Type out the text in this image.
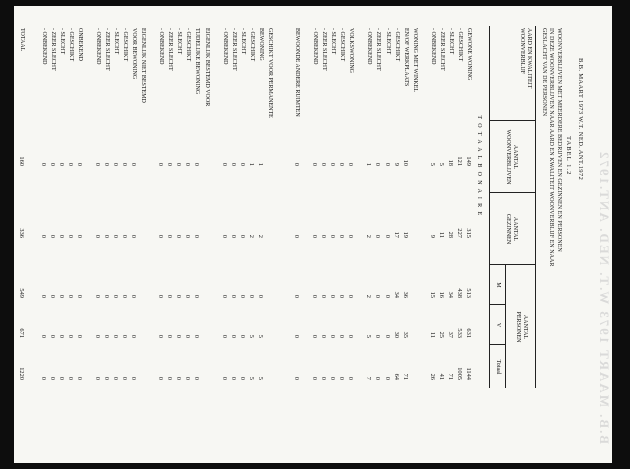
B.B. MAART 1973 W.T. NED. ANT.1972
B.B. MAART 1973 W.T. NED. ANT.1972
TABEL 1.2
WOONVERBLIJVEN MET MEERDERE BEDRIJVEN EN GEZINNEN EN PERSONEN
IN DEZE WOONVERBLIJVEN NAAR AARD EN KWALITEIT WOONVERBLIJF EN NAAR
GESLACHT VAN DE PERSONEN
AARD EN KWALITEIT
WOONVERBLIJF
AANTAL
WOONVERBLIJVEN
AANTAL
GEZINNEN
AANTAL
PERSONEN
M
V
Totaal
T O T A A L B O N A I R E
GEWONE WONING
149
315
513
631
1144
- GESCHIKT
121
227
438
533
1005
- SLECHT
18
28
34
37
71
- ZEER SLECHT
5
11
16
25
41
- ONBEKEND
5
9
15
11
26
WONING MET WINKEL
EN/OF WERKPLAATS
10
19
36
35
71
- GESCHIKT
9
17
34
30
64
- SLECHT
0
0
0
0
0
- ZEER SLECHT
0
0
0
0
0
- ONBEKEND
1
2
2
5
7
VOLKSWONING
0
0
0
0
0
- GESCHIKT
0
0
0
0
0
- SLECHT
0
0
0
0
0
- ZEER SLECHT
0
0
0
0
0
- ONBEKEND
0
0
0
0
0
BEWOONDE ANDERE RUIMTEN
0
0
0
0
0
GESCHIKT VOOR PERMANENTE
BEWONING
1
2
0
5
5
- GESCHIKT
1
2
0
5
5
- SLECHT
0
0
0
0
0
- ZEER SLECHT
0
0
0
0
0
- ONBEKEND
0
0
0
0
0
EIGENLIJK BESTEMD VOOR
TIJDELIJKE BEWONING
0
0
0
0
0
- GESCHIKT
0
0
0
0
0
- SLECHT
0
0
0
0
0
- ZEER SLECHT
0
0
0
0
0
- ONBEKEND
0
0
0
0
0
EIGENLIJK NIET BESTEMD
VOOR BEWONING
0
0
0
0
0
- GESCHIKT
0
0
0
0
0
- SLECHT
0
0
0
0
0
- ZEER SLECHT
0
0
0
0
0
- ONBEKEND
0
0
0
0
0
ONBEKEND
0
0
0
0
0
- GESCHIKT
0
0
0
0
0
- SLECHT
0
0
0
0
0
- ZEER SLECHT
0
0
0
0
0
- ONBEKEND
0
0
0
0
0
TOTAAL
160
336
549
671
1220
